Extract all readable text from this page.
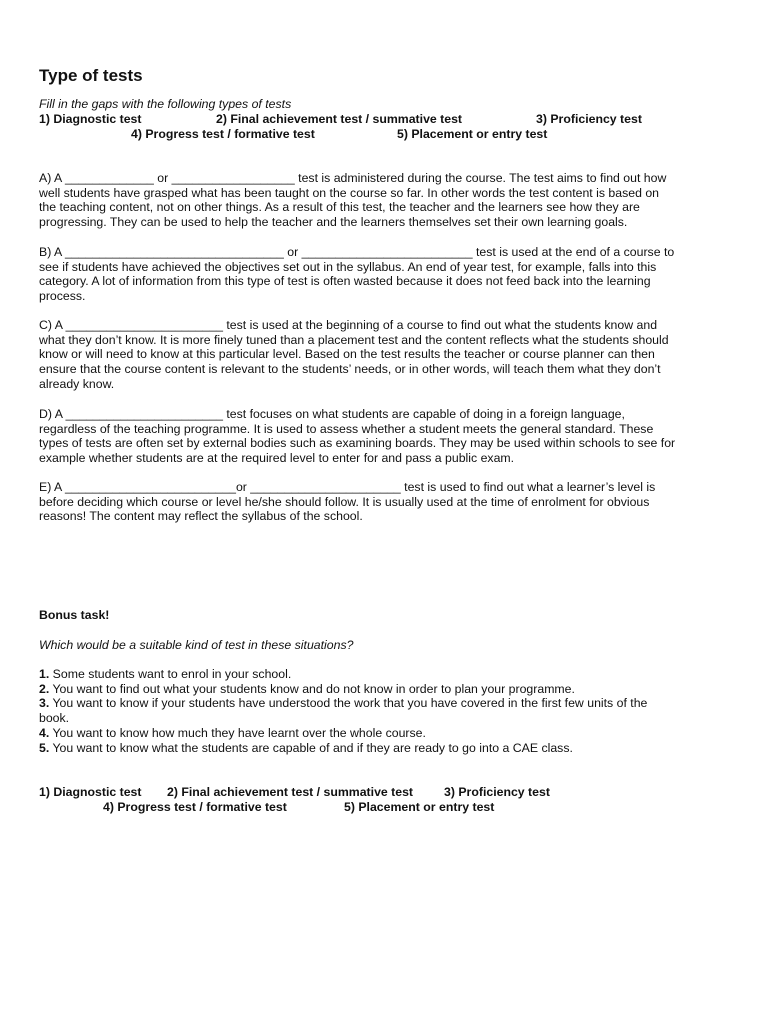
Type of tests
Fill in the gaps with the following types of tests
1) Diagnostic test	2) Final achievement test / summative test	3) Proficiency test
4) Progress test / formative test	5) Placement or entry test

A) A _____________ or __________________ test is administered during the course. The test aims to find out how
well students have grasped what has been taught on the course so far. In other words the test content is based on
the teaching content, not on other things. As a result of this test, the teacher and the learners see how they are
progressing. They can be used to help the teacher and the learners themselves set their own learning goals.

B) A ________________________________ or _________________________ test is used at the end of a course to
see if students have achieved the objectives set out in the syllabus. An end of year test, for example, falls into this
category. A lot of information from this type of test is often wasted because it does not feed back into the learning
process.

C) A _______________________ test is used at the beginning of a course to find out what the students know and
what they don’t know. It is more finely tuned than a placement test and the content reflects what the students should
know or will need to know at this particular level. Based on the test results the teacher or course planner can then
ensure that the course content is relevant to the students’ needs, or in other words, will teach them what they don’t
already know.

D) A _______________________ test focuses on what students are capable of doing in a foreign language,
regardless of the teaching programme. It is used to assess whether a student meets the general standard. These
types of tests are often set by external bodies such as examining boards. They may be used within schools to see for
example whether students are at the required level to enter for and pass a public exam.

E) A _________________________or ______________________ test is used to find out what a learner’s level is
before deciding which course or level he/she should follow. It is usually used at the time of enrolment for obvious
reasons! The content may reflect the syllabus of the school.

Bonus task!
Which would be a suitable kind of test in these situations?
1. Some students want to enrol in your school.
2. You want to find out what your students know and do not know in order to plan your programme.
3. You want to know if your students have understood the work that you have covered in the first few units of the
book.
4. You want to know how much they have learnt over the whole course.
5. You want to know what the students are capable of and if they are ready to go into a CAE class.
1) Diagnostic test 2) Final achievement test / summative test	3) Proficiency test
4) Progress test / formative test	5) Placement or entry test
